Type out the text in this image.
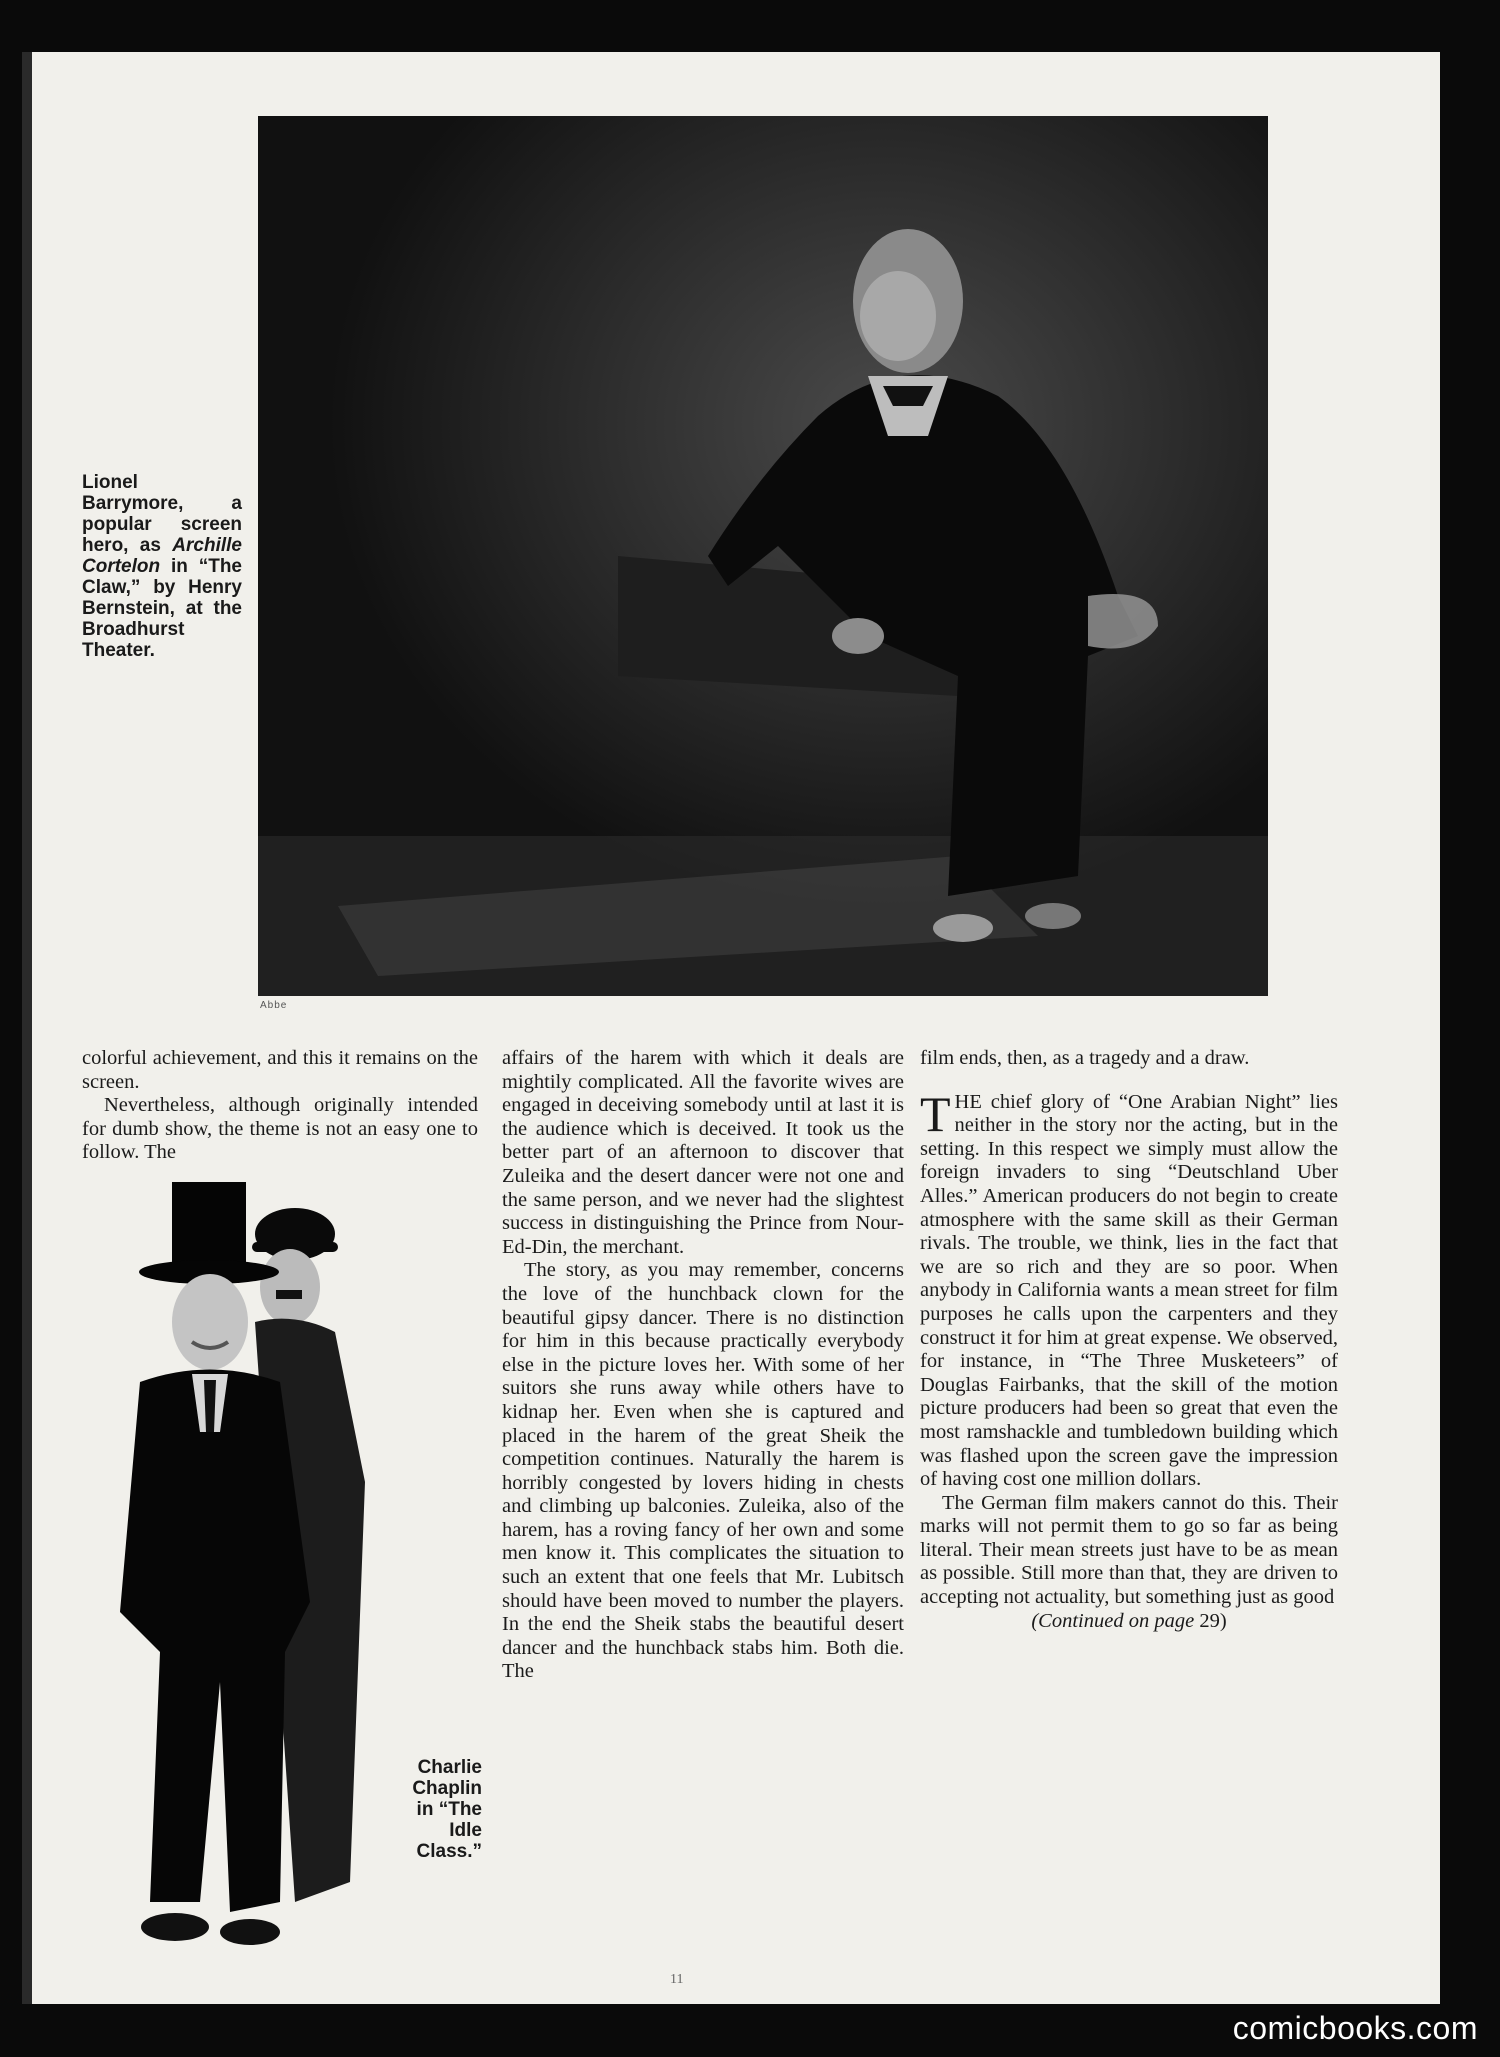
Lionel Barrymore, a popular screen hero, as Archille Cortelon in “The Claw,” by Henry Bernstein, at the Broadhurst Theater.
Abbe

colorful achievement, and this it remains on the screen.

Nevertheless, although originally intended for dumb show, the theme is not an easy one to follow. The

Charlie Chaplin in “The Idle Class.”

affairs of the harem with which it deals are mightily complicated. All the favorite wives are engaged in deceiving somebody until at last it is the audience which is deceived. It took us the better part of an afternoon to discover that Zuleika and the desert dancer were not one and the same person, and we never had the slightest success in distinguishing the Prince from Nour-Ed-Din, the merchant.

The story, as you may remember, concerns the love of the hunchback clown for the beautiful gipsy dancer. There is no distinction for him in this because practically everybody else in the picture loves her. With some of her suitors she runs away while others have to kidnap her. Even when she is captured and placed in the harem of the great Sheik the competition continues. Naturally the harem is horribly congested by lovers hiding in chests and climbing up balconies. Zuleika, also of the harem, has a roving fancy of her own and some men know it. This complicates the situation to such an extent that one feels that Mr. Lubitsch should have been moved to number the players. In the end the Sheik stabs the beautiful desert dancer and the hunchback stabs him. Both die. The

film ends, then, as a tragedy and a draw.

THE chief glory of “One Arabian Night” lies neither in the story nor the acting, but in the setting. In this respect we simply must allow the foreign invaders to sing “Deutschland Uber Alles.” American producers do not begin to create atmosphere with the same skill as their German rivals. The trouble, we think, lies in the fact that we are so rich and they are so poor. When anybody in California wants a mean street for film purposes he calls upon the carpenters and they construct it for him at great expense. We observed, for instance, in “The Three Musketeers” of Douglas Fairbanks, that the skill of the motion picture producers had been so great that even the most ramshackle and tumbledown building which was flashed upon the screen gave the impression of having cost one million dollars.

The German film makers cannot do this. Their marks will not permit them to go so far as being literal. Their mean streets just have to be as mean as possible. Still more than that, they are driven to accepting not actuality, but something just as good

(Continued on page 29)

11
comicbooks.com
